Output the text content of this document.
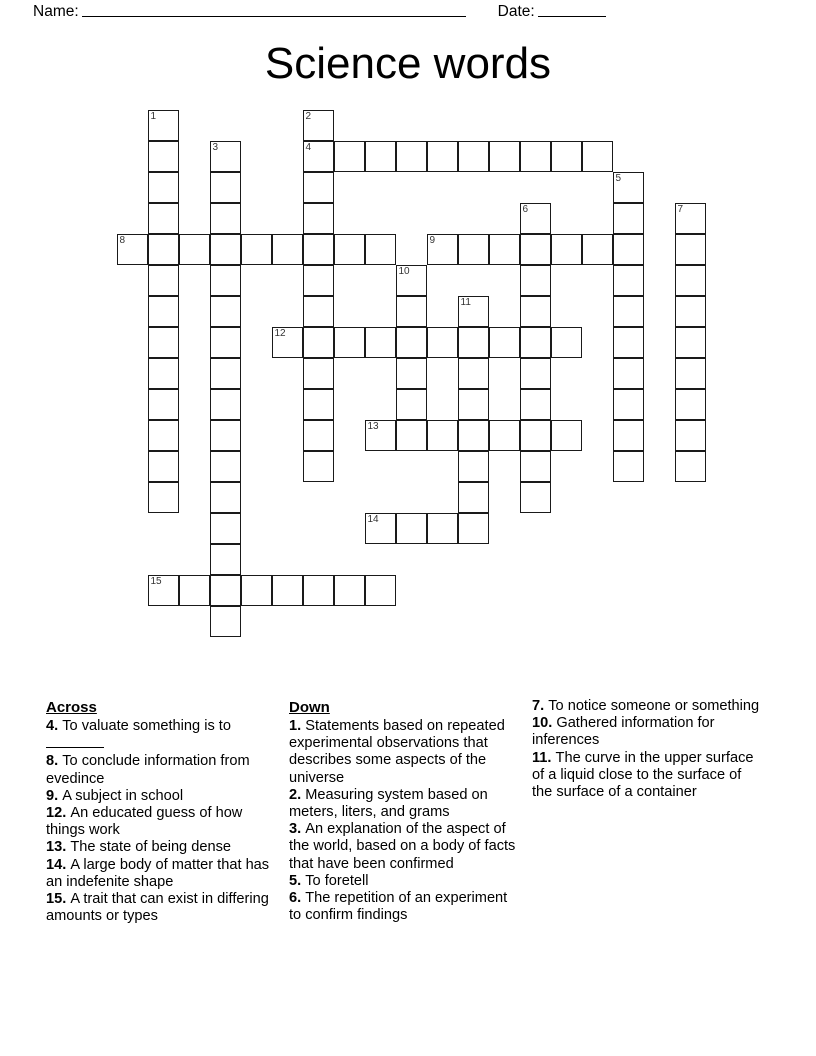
Name:	Date:
Science words
1	2
3	4
5
6	7
8	9
10
11
12
13
14
15
Across
4. To valuate something is to
8. To conclude information from evedince
9. A subject in school
12. An educated guess of how things work
13. The state of being dense
14. A large body of matter that has an indefenite shape
15. A trait that can exist in differing amounts or types
Down
1. Statements based on repeated experimental observations that describes some aspects of the universe
2. Measuring system based on meters, liters, and grams
3. An explanation of the aspect of the world, based on a body of facts that have been confirmed
5. To foretell
6. The repetition of an experiment to confirm findings
7. To notice someone or something
10. Gathered information for inferences
11. The curve in the upper surface of a liquid close to the surface of the surface of a container
